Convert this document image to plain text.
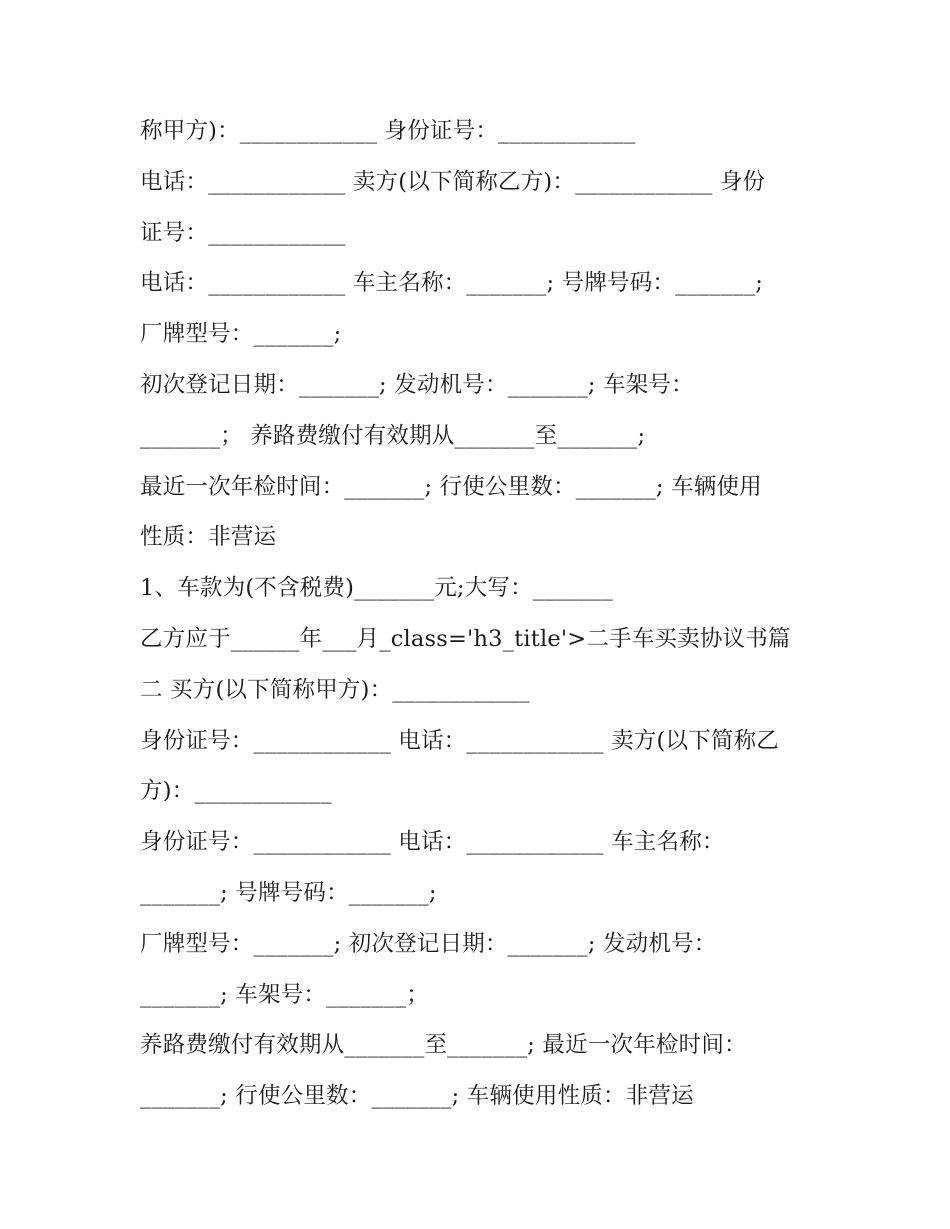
称甲方)：____________ 身份证号：____________
电话：____________ 卖方(以下简称乙方)：____________ 身份
证号：____________
电话：____________ 车主名称：_______; 号牌号码：_______;
厂牌型号：_______;
初次登记日期：_______; 发动机号：_______; 车架号：
_______； 养路费缴付有效期从_______至_______;
最近一次年检时间：_______; 行使公里数：_______; 车辆使用
性质：非营运
1、车款为(不含税费)_______元;大写：_______
乙方应于______年___月_class='h3_title'>二手车买卖协议书篇
二 买方(以下简称甲方)：____________
身份证号：____________ 电话：____________ 卖方(以下简称乙
方)：____________
身份证号：____________ 电话：____________ 车主名称：
_______; 号牌号码：_______;
厂牌型号：_______; 初次登记日期：_______; 发动机号：
_______; 车架号：_______；
养路费缴付有效期从_______至_______; 最近一次年检时间：
_______; 行使公里数：_______; 车辆使用性质：非营运
